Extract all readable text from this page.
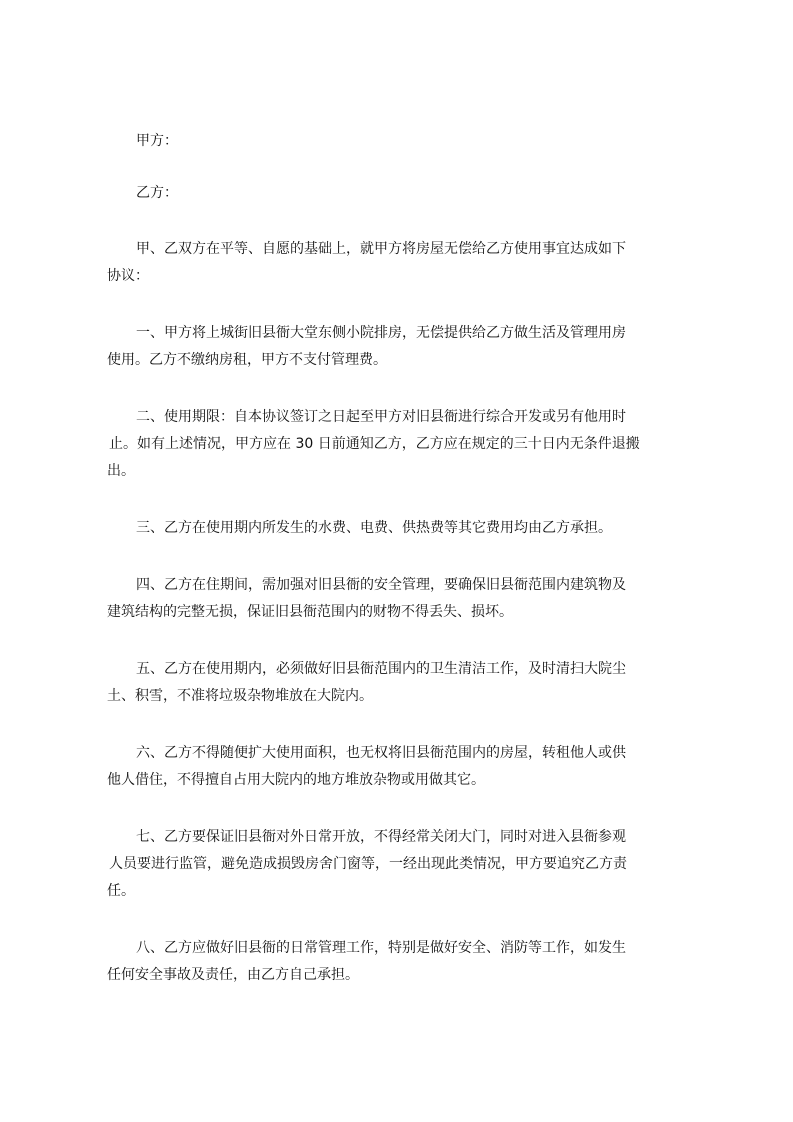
甲方：

乙方：

甲、乙双方在平等、自愿的基础上，就甲方将房屋无偿给乙方使用事宜达成如下
协议：

一、甲方将上城街旧县衙大堂东侧小院排房，无偿提供给乙方做生活及管理用房
使用。乙方不缴纳房租，甲方不支付管理费。

二、使用期限：自本协议签订之日起至甲方对旧县衙进行综合开发或另有他用时
止。如有上述情况，甲方应在 30 日前通知乙方，乙方应在规定的三十日内无条件退搬
出。

三、乙方在使用期内所发生的水费、电费、供热费等其它费用均由乙方承担。

四、乙方在住期间，需加强对旧县衙的安全管理，要确保旧县衙范围内建筑物及
建筑结构的完整无损，保证旧县衙范围内的财物不得丢失、损坏。

五、乙方在使用期内，必须做好旧县衙范围内的卫生清洁工作，及时清扫大院尘
土、积雪，不准将垃圾杂物堆放在大院内。

六、乙方不得随便扩大使用面积，也无权将旧县衙范围内的房屋，转租他人或供
他人借住，不得擅自占用大院内的地方堆放杂物或用做其它。

七、乙方要保证旧县衙对外日常开放，不得经常关闭大门，同时对进入县衙参观
人员要进行监管，避免造成损毁房舍门窗等，一经出现此类情况，甲方要追究乙方责
任。

八、乙方应做好旧县衙的日常管理工作，特别是做好安全、消防等工作，如发生
任何安全事故及责任，由乙方自己承担。
